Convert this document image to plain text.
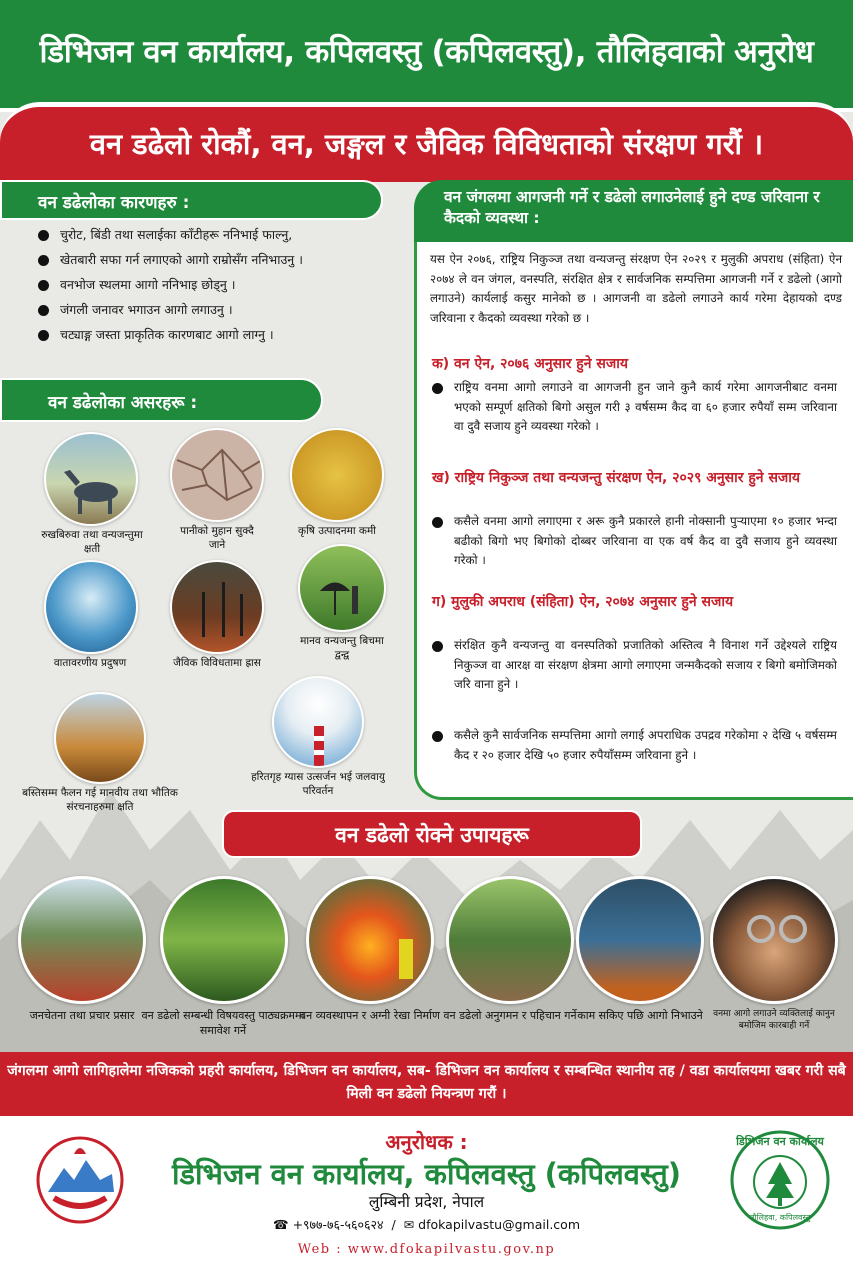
डिभिजन वन कार्यालय, कपिलवस्तु (कपिलवस्तु), तौलिहवाको अनुरोध
वन डढेलो रोकौं, वन, जङ्गल र जैविक विविधताको संरक्षण गरौं ।
वन डढेलोका कारणहरु :
चुरोट, बिंडी तथा सलाईका काँटीहरू ननिभाई फाल्नु,
खेतबारी सफा गर्न लगाएको आगो राम्रोसँग ननिभाउनु ।
वनभोज स्थलमा आगो ननिभाइ छोड्नु ।
जंगली जनावर भगाउन आगो लगाउनु ।
चट्याङ्ग जस्ता प्राकृतिक कारणबाट आगो लाग्नु ।
वन डढेलोका असरहरू :
रुखबिरुवा तथा वन्यजन्तुमा क्षती
पानीको मुहान सुक्दै जाने
कृषि उत्पादनमा कमी
वातावरणीय प्रदुषण	जैविक विविधतामा ह्रास
मानव वन्यजन्तु बिचमा द्वन्द्व
बस्तिसम्म फैलन गई मानवीय तथा भौतिक संरचनाहरुमा क्षति
हरितगृह ग्यास उत्सर्जन भई जलवायु परिवर्तन
वन जंगलमा आगजनी गर्ने र डढेलो लगाउनेलाई हुने दण्ड जरिवाना र कैदको व्यवस्था :
यस ऐन २०७६, राष्ट्रिय निकुञ्ज तथा वन्यजन्तु संरक्षण ऐन २०२९ र मुलुकी अपराध (संहिता) ऐन २०७४ ले वन जंगल, वनस्पति, संरक्षित क्षेत्र र सार्वजनिक सम्पत्तिमा आगजनी गर्ने र डढेलो (आगो लगाउने) कार्यलाई कसुर मानेको छ । आगजनी वा डढेलो लगाउने कार्य गरेमा देहायको दण्ड जरिवाना र कैदको व्यवस्था गरेको छ ।
क) वन ऐन, २०७६ अनुसार हुने सजाय
राष्ट्रिय वनमा आगो लगाउने वा आगजनी हुन जाने कुनै कार्य गरेमा आगजनीबाट वनमा भएको सम्पूर्ण क्षतिको बिगो असुल गरी ३ वर्षसम्म कैद वा ६० हजार रुपैयाँ सम्म जरिवाना वा दुवै सजाय हुने व्यवस्था गरेको ।
ख) राष्ट्रिय निकुञ्ज तथा वन्यजन्तु संरक्षण ऐन, २०२९ अनुसार हुने सजाय
कसैले वनमा आगो लगाएमा र अरू कुनै प्रकारले हानी नोक्सानी पुर्‍याएमा १० हजार भन्दा बढीको बिगो भए बिगोको दोब्बर जरिवाना वा एक वर्ष कैद वा दुवै सजाय हुने व्यवस्था गरेको ।
ग) मुलुकी अपराध (संहिता) ऐन, २०७४ अनुसार हुने सजाय
संरक्षित कुनै वन्यजन्तु वा वनस्पतिको प्रजातिको अस्तित्व नै विनाश गर्ने उद्देश्यले राष्ट्रिय निकुञ्ज वा आरक्ष वा संरक्षण क्षेत्रमा आगो लगाएमा जन्मकैदको सजाय र बिगो बमोजिमको जरि वाना हुने ।
कसैले कुनै सार्वजनिक सम्पत्तिमा आगो लगाई अपराधिक उपद्रव गरेकोमा २ देखि ५ वर्षसम्म कैद र २० हजार देखि ५० हजार रुपैयाँसम्म जरिवाना हुने ।
वन डढेलो रोक्ने उपायहरू
जनचेतना तथा प्रचार प्रसार वन डढेलो सम्बन्धी विषयवस्तु पाठ्यक्रममा समावेश गर्ने
वन व्यवस्थापन र अग्नी रेखा निर्माण वन डढेलो अनुगमन र पहिचान गर्ने काम सकिए पछि आगो निभाउने	वनमा आगो लगाउने व्यक्तिलाई कानुन बमोजिम कारबाही गर्ने
जंगलमा आगो लागिहालेमा नजिकको प्रहरी कार्यालय, डिभिजन वन कार्यालय, सब- डिभिजन वन कार्यालय र सम्बन्धित स्थानीय तह / वडा कार्यालयमा खबर गरी सबै मिली वन डढेलो नियन्त्रण गरौं ।
अनुरोधक :
डिभिजन वन कार्यालय, कपिलवस्तु (कपिलवस्तु)
लुम्बिनी प्रदेश, नेपाल
☎ +९७७-७६-५६०६२४  /  ✉ dfokapilvastu@gmail.com
Web : www.dfokapilvastu.gov.np
डिभिजन वन कार्यालय
तौलिहवा, कपिलवस्तु
